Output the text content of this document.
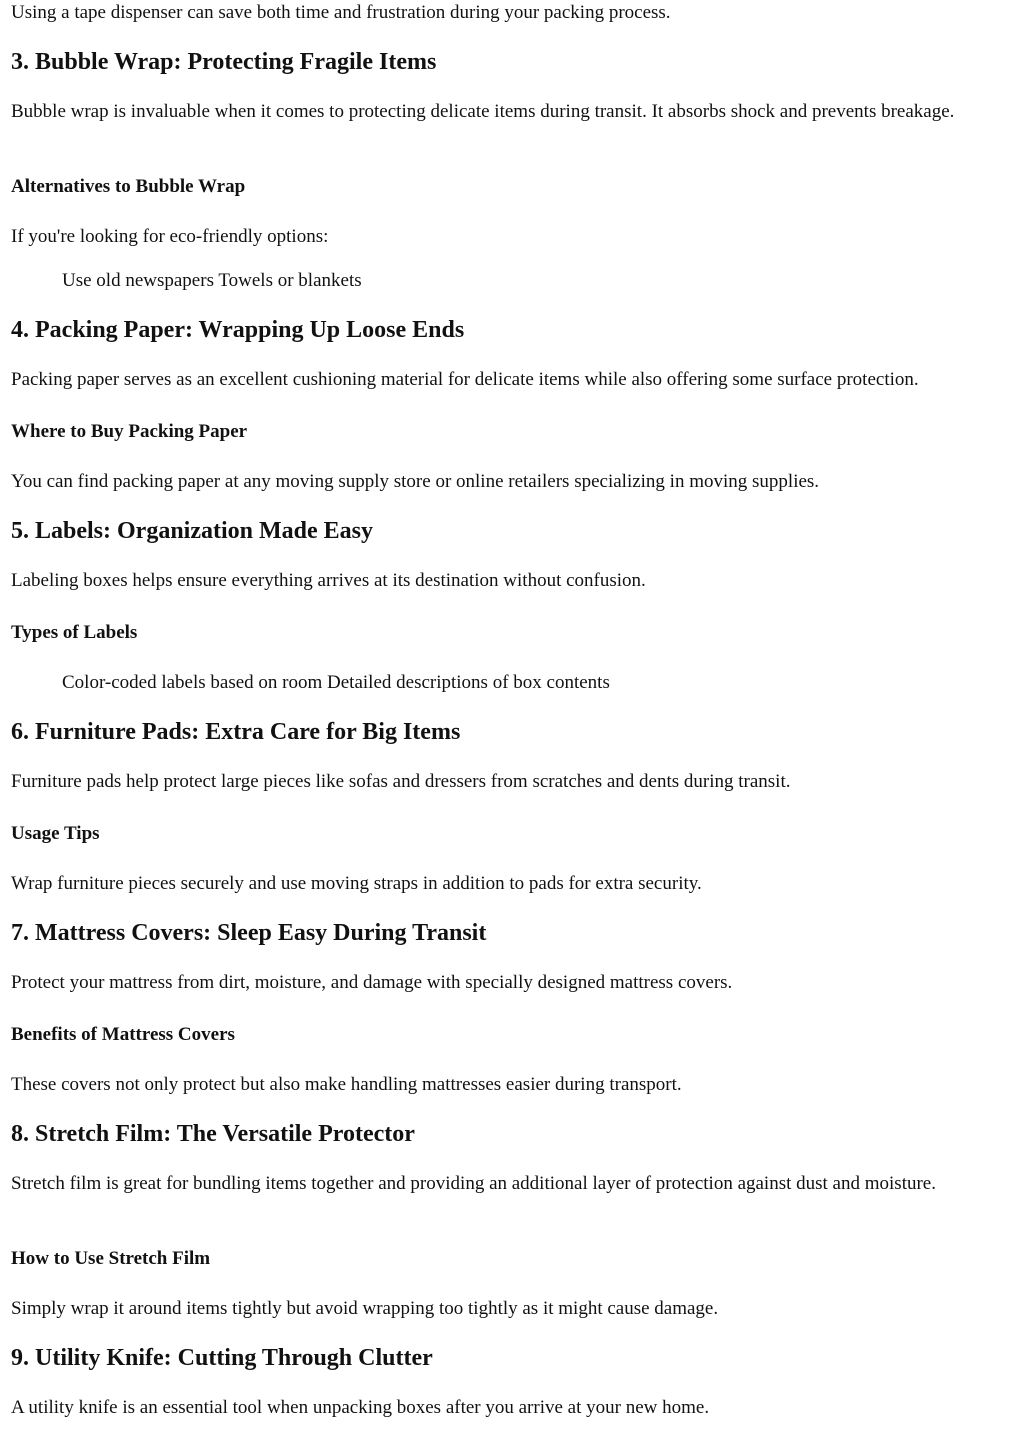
Using a tape dispenser can save both time and frustration during your packing process.

3. Bubble Wrap: Protecting Fragile Items

Bubble wrap is invaluable when it comes to protecting delicate items during transit. It absorbs shock and prevents breakage.

Alternatives to Bubble Wrap

If you're looking for eco-friendly options:

Use old newspapers Towels or blankets

4. Packing Paper: Wrapping Up Loose Ends

Packing paper serves as an excellent cushioning material for delicate items while also offering some surface protection.

Where to Buy Packing Paper

You can find packing paper at any moving supply store or online retailers specializing in moving supplies.

5. Labels: Organization Made Easy

Labeling boxes helps ensure everything arrives at its destination without confusion.

Types of Labels

Color-coded labels based on room Detailed descriptions of box contents

6. Furniture Pads: Extra Care for Big Items

Furniture pads help protect large pieces like sofas and dressers from scratches and dents during transit.

Usage Tips

Wrap furniture pieces securely and use moving straps in addition to pads for extra security.

7. Mattress Covers: Sleep Easy During Transit

Protect your mattress from dirt, moisture, and damage with specially designed mattress covers.

Benefits of Mattress Covers

These covers not only protect but also make handling mattresses easier during transport.

8. Stretch Film: The Versatile Protector

Stretch film is great for bundling items together and providing an additional layer of protection against dust and moisture.

How to Use Stretch Film

Simply wrap it around items tightly but avoid wrapping too tightly as it might cause damage.

9. Utility Knife: Cutting Through Clutter

A utility knife is an essential tool when unpacking boxes after you arrive at your new home.
